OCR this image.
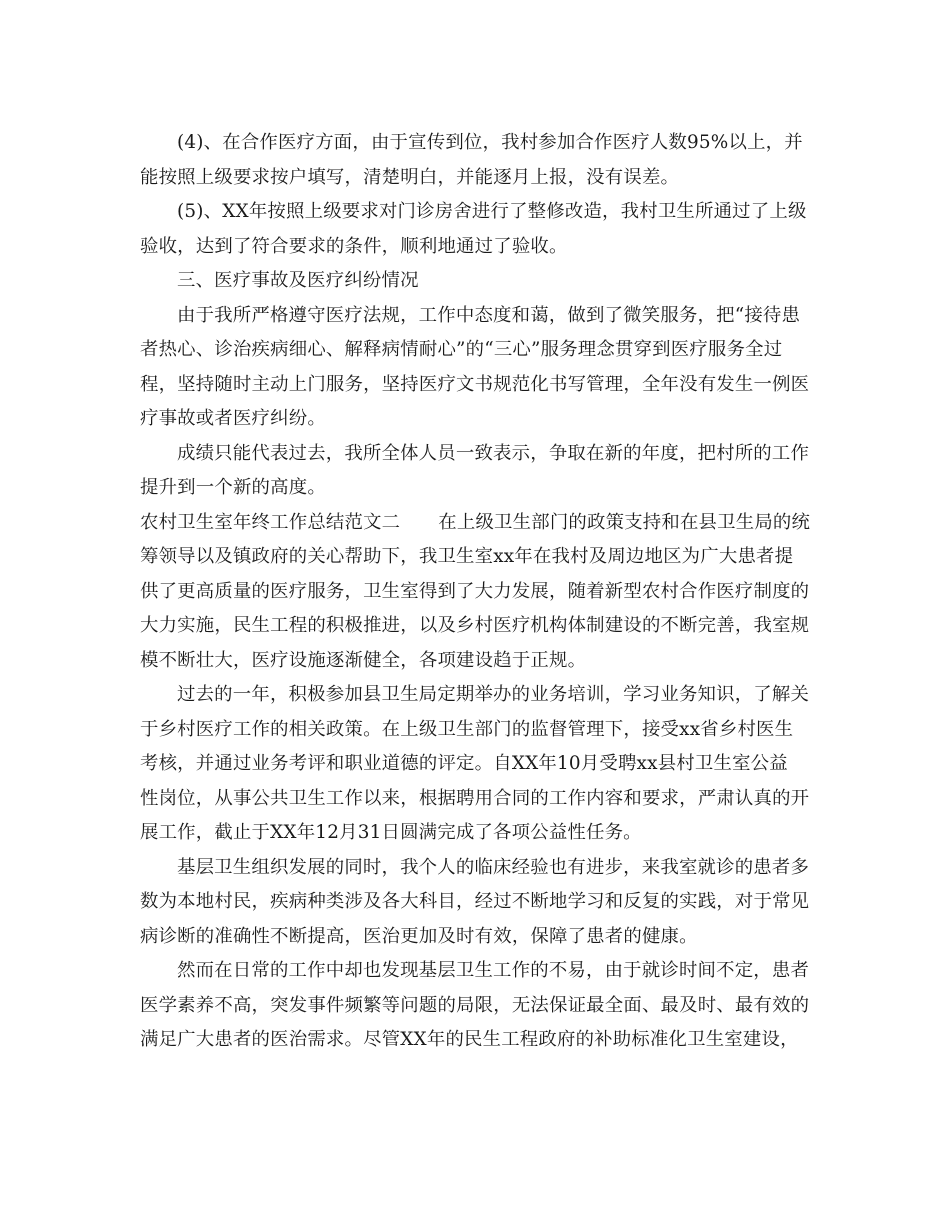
(4)、在合作医疗方面，由于宣传到位，我村参加合作医疗人数95%以上，并
能按照上级要求按户填写，清楚明白，并能逐月上报，没有误差。
(5)、XX年按照上级要求对门诊房舍进行了整修改造，我村卫生所通过了上级
验收，达到了符合要求的条件，顺利地通过了验收。
三、医疗事故及医疗纠纷情况
由于我所严格遵守医疗法规，工作中态度和蔼，做到了微笑服务，把“接待患
者热心、诊治疾病细心、解释病情耐心”的“三心”服务理念贯穿到医疗服务全过
程，坚持随时主动上门服务，坚持医疗文书规范化书写管理，全年没有发生一例医
疗事故或者医疗纠纷。
成绩只能代表过去，我所全体人员一致表示，争取在新的年度，把村所的工作
提升到一个新的高度。
农村卫生室年终工作总结范文二 在上级卫生部门的政策支持和在县卫生局的统
筹领导以及镇政府的关心帮助下，我卫生室xx年在我村及周边地区为广大患者提
供了更高质量的医疗服务，卫生室得到了大力发展，随着新型农村合作医疗制度的
大力实施，民生工程的积极推进，以及乡村医疗机构体制建设的不断完善，我室规
模不断壮大，医疗设施逐渐健全，各项建设趋于正规。
过去的一年，积极参加县卫生局定期举办的业务培训，学习业务知识，了解关
于乡村医疗工作的相关政策。在上级卫生部门的监督管理下，接受xx省乡村医生
考核，并通过业务考评和职业道德的评定。自XX年10月受聘xx县村卫生室公益
性岗位，从事公共卫生工作以来，根据聘用合同的工作内容和要求，严肃认真的开
展工作，截止于XX年12月31日圆满完成了各项公益性任务。
基层卫生组织发展的同时，我个人的临床经验也有进步，来我室就诊的患者多
数为本地村民，疾病种类涉及各大科目，经过不断地学习和反复的实践，对于常见
病诊断的准确性不断提高，医治更加及时有效，保障了患者的健康。
然而在日常的工作中却也发现基层卫生工作的不易，由于就诊时间不定，患者
医学素养不高，突发事件频繁等问题的局限，无法保证最全面、最及时、最有效的
满足广大患者的医治需求。尽管XX年的民生工程政府的补助标准化卫生室建设，
